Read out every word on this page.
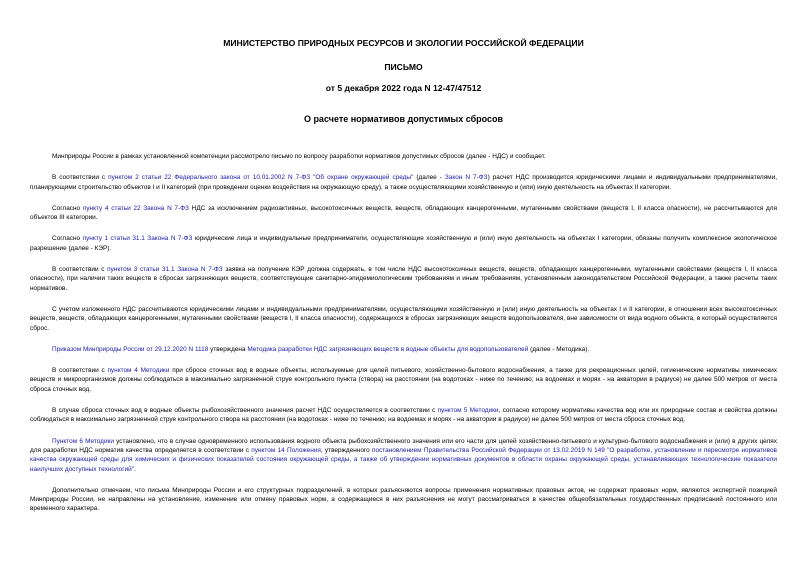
МИНИСТЕРСТВО ПРИРОДНЫХ РЕСУРСОВ И ЭКОЛОГИИ РОССИЙСКОЙ ФЕДЕРАЦИИ
ПИСЬМО
от 5 декабря 2022 года N 12-47/47512
О расчете нормативов допустимых сбросов

Минприроды России в рамках установленной компетенции рассмотрело письмо по вопросу разработки нормативов допустимых сбросов (далее - НДС) и сообщает.

В соответствии с пунктом 2 статьи 22 Федерального закона от 10.01.2002 N 7-ФЗ "Об охране окружающей среды" (далее - Закон N 7-ФЗ) расчет НДС производится юридическими лицами и индивидуальными предпринимателями, планирующими строительство объектов I и II категорий (при проведении оценки воздействия на окружающую среду), а также осуществляющими хозяйственную и (или) иную деятельность на объектах II категории.

Согласно пункту 4 статьи 22 Закона N 7-ФЗ НДС за исключением радиоактивных, высокотоксичных веществ, веществ, обладающих канцерогенными, мутагенными свойствами (веществ I, II класса опасности), не рассчитываются для объектов III категории.

Согласно пункту 1 статьи 31.1 Закона N 7-ФЗ юридические лица и индивидуальные предприниматели, осуществляющие хозяйственную и (или) иную деятельность на объектах I категории, обязаны получить комплексное экологическое разрешение (далее - КЭР).

В соответствии с пунктом 3 статьи 31.1 Закона N 7-ФЗ заявка на получение КЭР должна содержать, в том числе НДС высокотоксичных веществ, веществ, обладающих канцерогенными, мутагенными свойствами (веществ I, II класса опасности), при наличии таких веществ в сбросах загрязняющих веществ, соответствующие санитарно-эпидемиологическим требованиям и иным требованиям, установленным законодательством Российской Федерации, а также расчеты таких нормативов.

С учетом изложенного НДС рассчитываются юридическими лицами и индивидуальными предпринимателями, осуществляющими хозяйственную и (или) иную деятельность на объектах I и II категории, в отношении всех высокотоксичных веществ, веществ, обладающих канцерогенными, мутагенными свойствами (веществ I, II класса опасности), содержащихся в сбросах загрязняющих веществ водопользователя, вне зависимости от вида водного объекта, в который осуществляется сброс.

Приказом Минприроды России от 29.12.2020 N 1118 утверждена Методика разработки НДС загрязняющих веществ в водные объекты для водопользователей (далее - Методика).

В соответствии с пунктом 4 Методики при сбросе сточных вод в водные объекты, используемые для целей питьевого, хозяйственно-бытового водоснабжения, а также для рекреационных целей, гигиенические нормативы химических веществ и микроорганизмов должны соблюдаться в максимально загрязненной струе контрольного пункта (створа) на расстоянии (на водотоках - ниже по течению; на водоемах и морях - на акватории в радиусе) не далее 500 метров от места сброса сточных вод.

В случае сброса сточных вод в водные объекты рыбохозяйственного значения расчет НДС осуществляется в соответствии с пунктом 5 Методики, согласно которому нормативы качества вод или их природные состав и свойства должны соблюдаться в максимально загрязненной струе контрольного створа на расстоянии (на водотоках - ниже по течению; на водоемах и морях - на акватории в радиусе) не далее 500 метров от места сброса сточных вод.

Пунктом 6 Методики установлено, что в случае одновременного использования водного объекта рыбохозяйственного значения или его части для целей хозяйственно-питьевого и культурно-бытового водоснабжения и (или) в других целях для разработки НДС норматив качества определяется в соответствии с пунктом 14 Положения, утвержденного постановлением Правительства Российской Федерации от 13.02.2019 N 149 "О разработке, установлении и пересмотре нормативов качества окружающей среды для химических и физических показателей состояния окружающей среды, а также об утверждении нормативных документов в области охраны окружающей среды, устанавливающих технологические показатели наилучших доступных технологий".

Дополнительно отмечаем, что письма Минприроды России и его структурных подразделений, в которых разъясняются вопросы применения нормативных правовых актов, не содержат правовых норм, являются экспертной позицией Минприроды России, не направлены на установление, изменение или отмену правовых норм, а содержащиеся в них разъяснения не могут рассматриваться в качестве общеобязательных государственных предписаний постоянного или временного характера.
